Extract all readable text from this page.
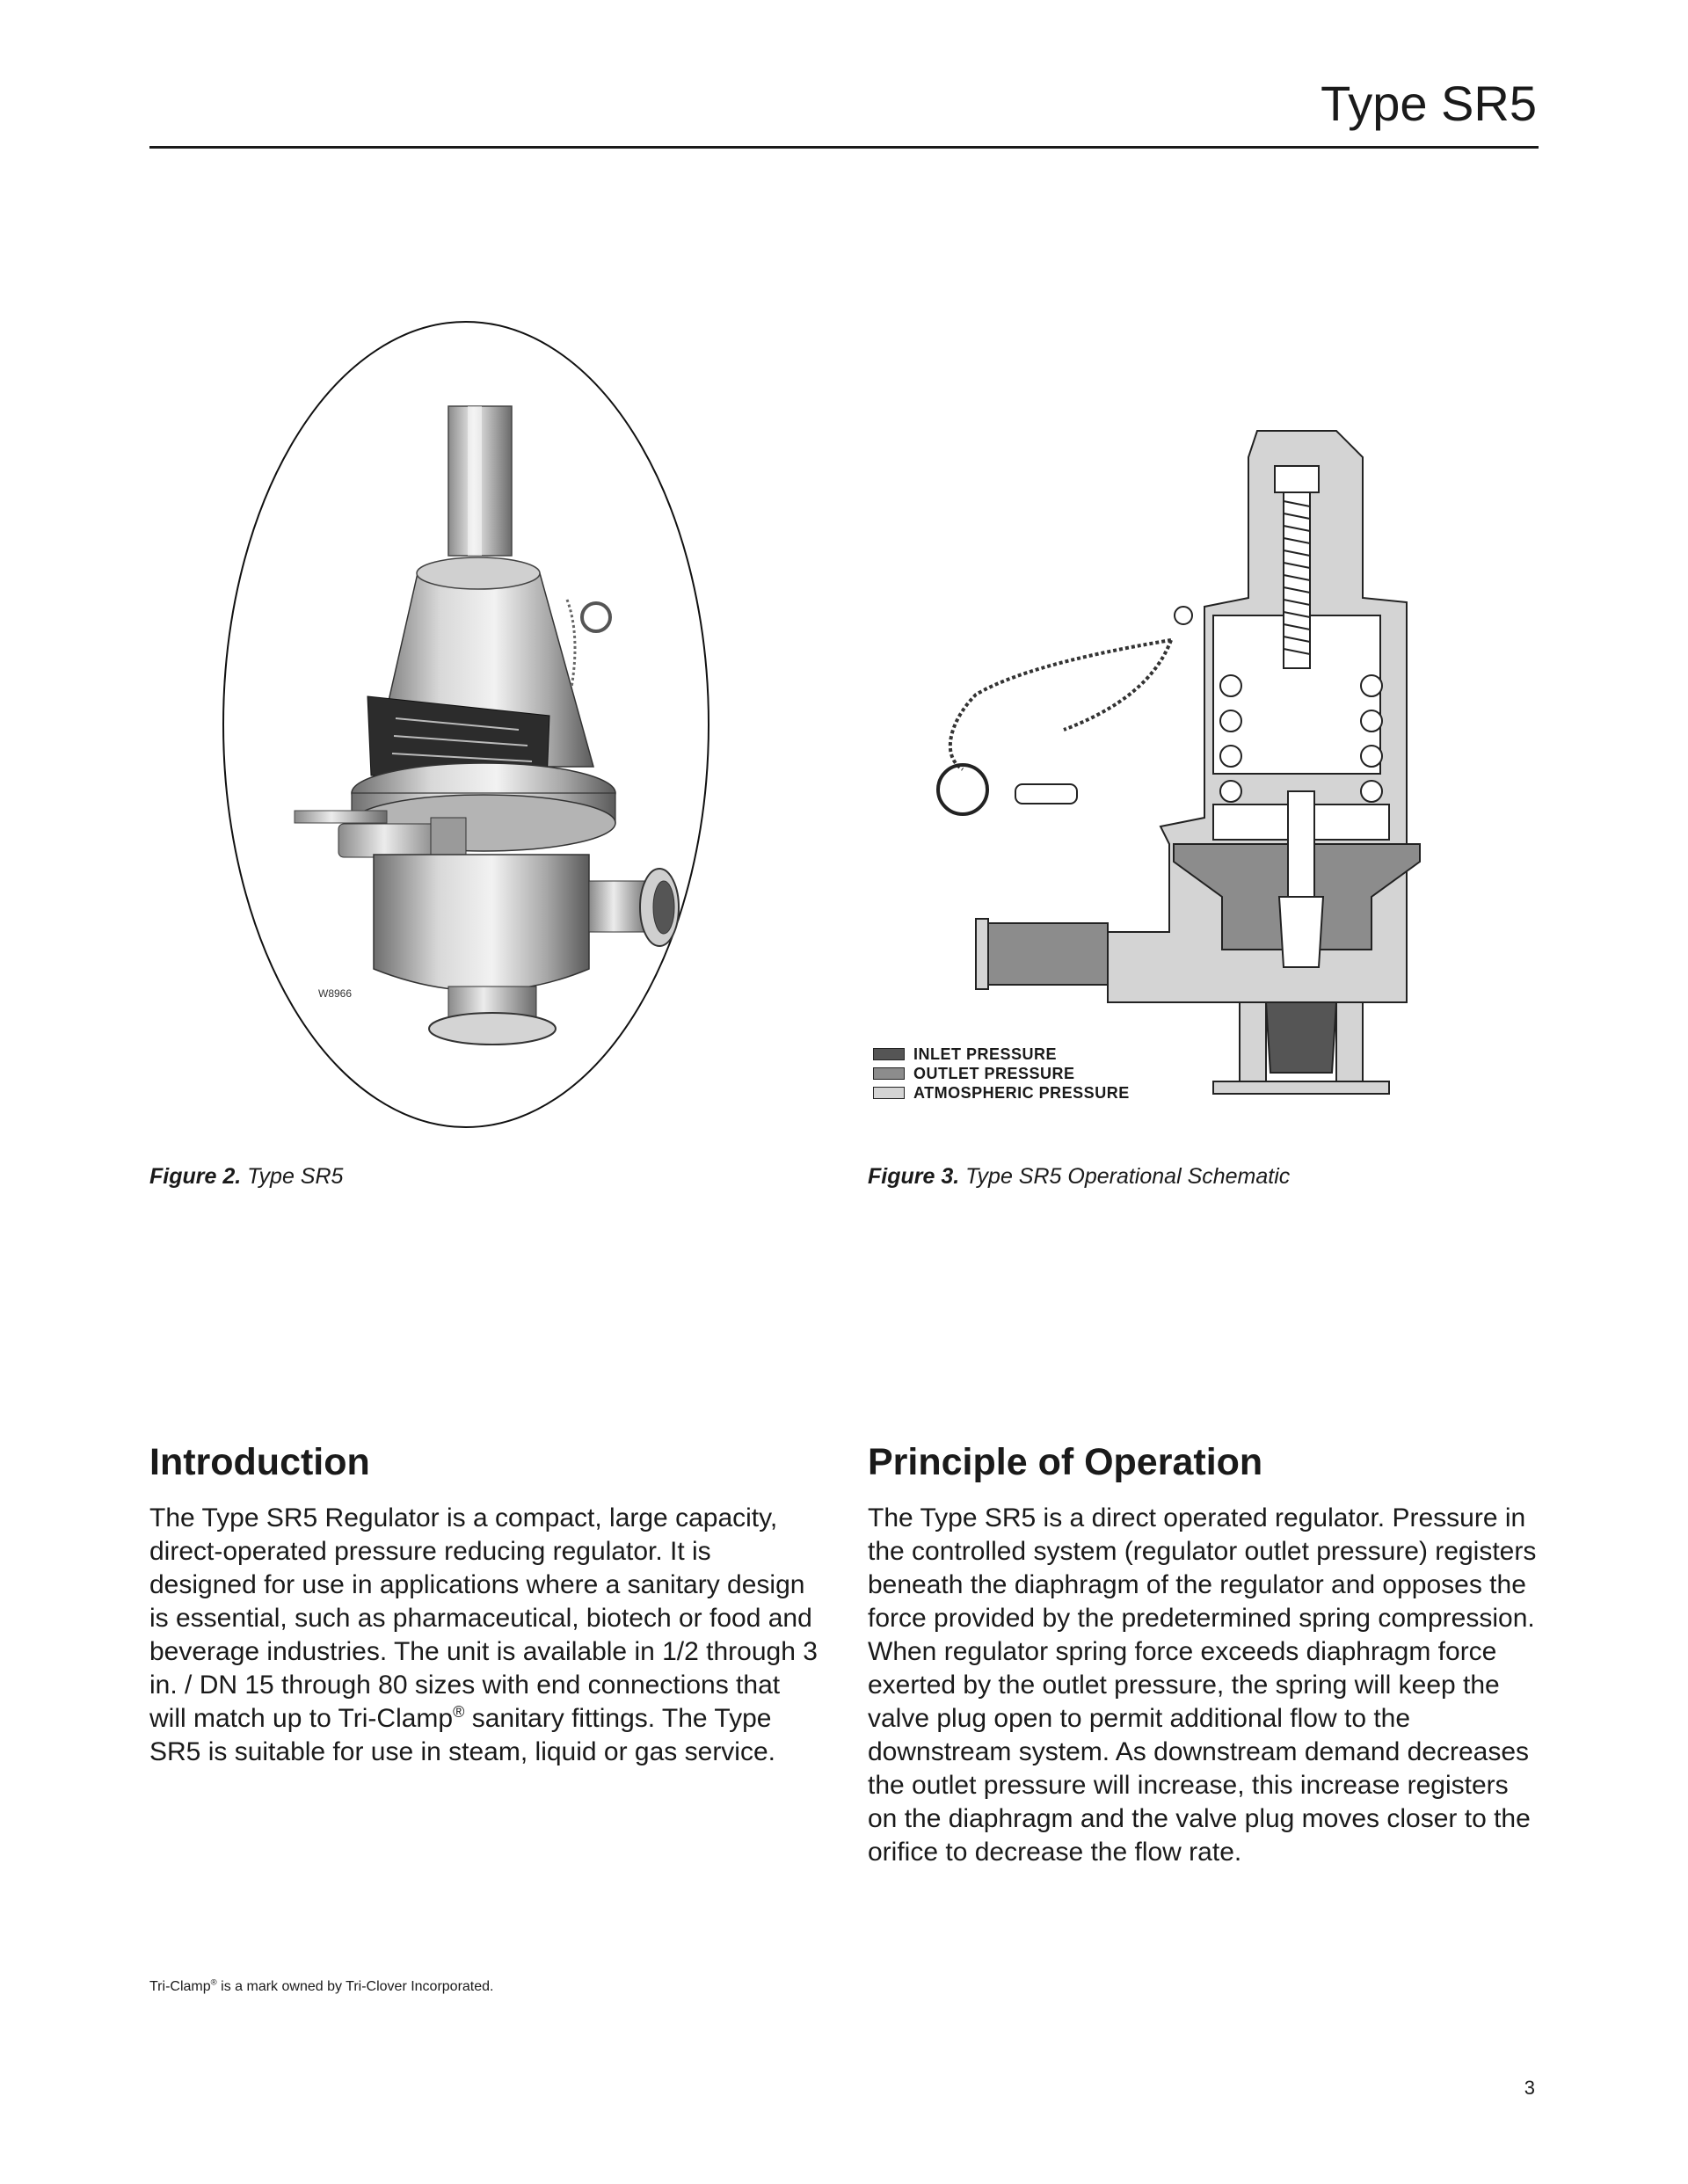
Type SR5
W8966
INLET PRESSURE
OUTLET PRESSURE
ATMOSPHERIC PRESSURE
Figure 2. Type SR5	Figure 3. Type SR5 Operational Schematic
Introduction

The Type SR5 Regulator is a compact, large capacity, direct-operated pressure reducing regulator. It is designed for use in applications where a sanitary design is essential, such as pharmaceutical, biotech or food and beverage industries. The unit is available in 1/2 through 3 in. / DN 15 through 80 sizes with end connections that will match up to Tri-Clamp® sanitary fittings. The Type SR5 is suitable for use in steam, liquid or gas service.

Principle of Operation

The Type SR5 is a direct operated regulator. Pressure in the controlled system (regulator outlet pressure) registers beneath the diaphragm of the regulator and opposes the force provided by the predetermined spring compression. When regulator spring force exceeds diaphragm force exerted by the outlet pressure, the spring will keep the valve plug open to permit additional flow to the downstream system. As downstream demand decreases the outlet pressure will increase, this increase registers on the diaphragm and the valve plug moves closer to the orifice to decrease the flow rate.

Tri-Clamp® is a mark owned by Tri-Clover Incorporated.
3
